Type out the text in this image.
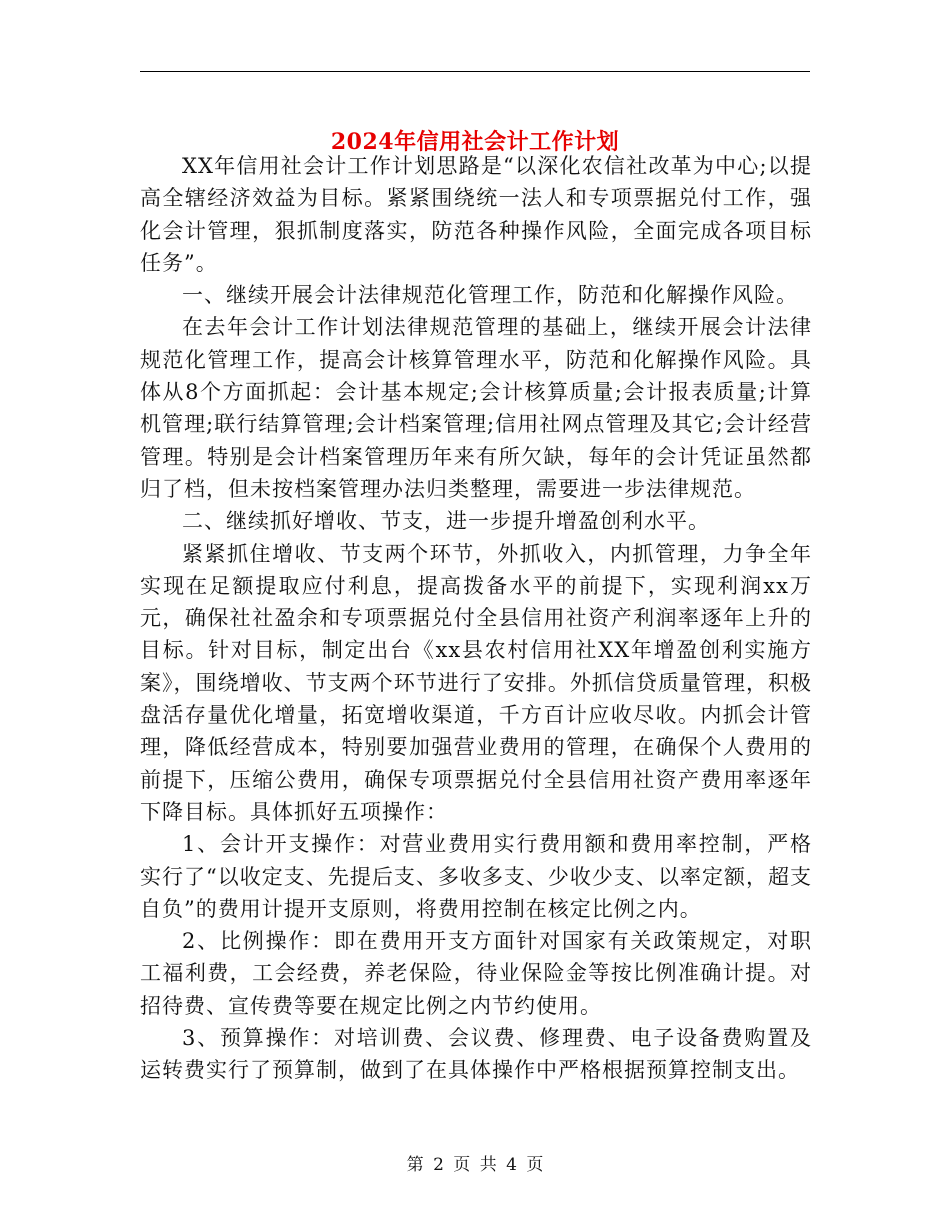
2024年信用社会计工作计划

XX年信用社会计工作计划思路是“以深化农信社改革为中心;以提高全辖经济效益为目标。紧紧围绕统一法人和专项票据兑付工作，强化会计管理，狠抓制度落实，防范各种操作风险，全面完成各项目标任务”。

一、继续开展会计法律规范化管理工作，防范和化解操作风险。

在去年会计工作计划法律规范管理的基础上，继续开展会计法律规范化管理工作，提高会计核算管理水平，防范和化解操作风险。具体从8个方面抓起：会计基本规定;会计核算质量;会计报表质量;计算机管理;联行结算管理;会计档案管理;信用社网点管理及其它;会计经营管理。特别是会计档案管理历年来有所欠缺，每年的会计凭证虽然都归了档，但未按档案管理办法归类整理，需要进一步法律规范。

二、继续抓好增收、节支，进一步提升增盈创利水平。

紧紧抓住增收、节支两个环节，外抓收入，内抓管理，力争全年实现在足额提取应付利息，提高拨备水平的前提下，实现利润xx万元，确保社社盈余和专项票据兑付全县信用社资产利润率逐年上升的目标。针对目标，制定出台《xx县农村信用社XX年增盈创利实施方案》，围绕增收、节支两个环节进行了安排。外抓信贷质量管理，积极盘活存量优化增量，拓宽增收渠道，千方百计应收尽收。内抓会计管理，降低经营成本，特别要加强营业费用的管理，在确保个人费用的前提下，压缩公费用，确保专项票据兑付全县信用社资产费用率逐年下降目标。具体抓好五项操作：

1、会计开支操作：对营业费用实行费用额和费用率控制，严格实行了“以收定支、先提后支、多收多支、少收少支、以率定额，超支自负”的费用计提开支原则，将费用控制在核定比例之内。

2、比例操作：即在费用开支方面针对国家有关政策规定，对职工福利费，工会经费，养老保险，待业保险金等按比例准确计提。对招待费、宣传费等要在规定比例之内节约使用。

3、预算操作：对培训费、会议费、修理费、电子设备费购置及运转费实行了预算制，做到了在具体操作中严格根据预算控制支出。

第 2 页 共 4 页
